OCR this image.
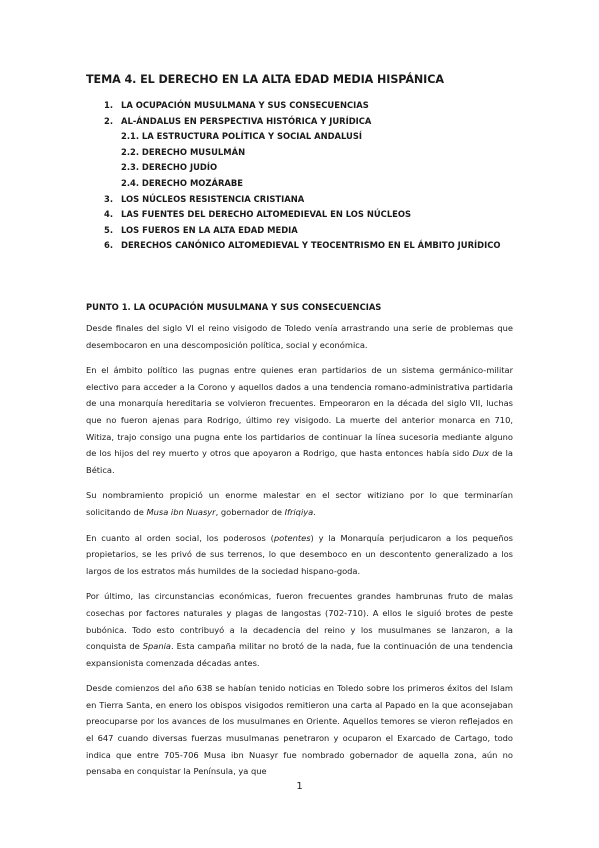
TEMA 4. EL DERECHO EN LA ALTA EDAD MEDIA HISPÁNICA
1. LA OCUPACIÓN MUSULMANA Y SUS CONSECUENCIAS
2. AL-ÁNDALUS EN PERSPECTIVA HISTÓRICA Y JURÍDICA
2.1. LA ESTRUCTURA POLÍTICA Y SOCIAL ANDALUSÍ
2.2. DERECHO MUSULMÁN
2.3. DERECHO JUDÍO
2.4. DERECHO MOZÁRABE
3. LOS NÚCLEOS RESISTENCIA CRISTIANA
4. LAS FUENTES DEL DERECHO ALTOMEDIEVAL EN LOS NÚCLEOS
5. LOS FUEROS EN LA ALTA EDAD MEDIA
6. DERECHOS CANÓNICO ALTOMEDIEVAL Y TEOCENTRISMO EN EL ÁMBITO JURÍDICO
PUNTO 1. LA OCUPACIÓN MUSULMANA Y SUS CONSECUENCIAS

Desde finales del siglo VI el reino visigodo de Toledo venía arrastrando una serie de problemas que desembocaron en una descomposición política, social y económica.

En el ámbito político las pugnas entre quienes eran partidarios de un sistema germánico-militar electivo para acceder a la Corono y aquellos dados a una tendencia romano-administrativa partidaria de una monarquía hereditaria se volvieron frecuentes. Empeoraron en la década del siglo VII, luchas que no fueron ajenas para Rodrigo, último rey visigodo. La muerte del anterior monarca en 710, Witiza, trajo consigo una pugna ente los partidarios de continuar la línea sucesoria mediante alguno de los hijos del rey muerto y otros que apoyaron a Rodrigo, que hasta entonces había sido Dux de la Bética.

Su nombramiento propició un enorme malestar en el sector witiziano por lo que terminarían solicitando de Musa ibn Nuasyr, gobernador de Ifriqiya.

En cuanto al orden social, los poderosos (potentes) y la Monarquía perjudicaron a los pequeños propietarios, se les privó de sus terrenos, lo que desemboco en un descontento generalizado a los largos de los estratos más humildes de la sociedad hispano-goda.

Por último, las circunstancias económicas, fueron frecuentes grandes hambrunas fruto de malas cosechas por factores naturales y plagas de langostas (702-710). A ellos le siguió brotes de peste bubónica. Todo esto contribuyó a la decadencia del reino y los musulmanes se lanzaron, a la conquista de Spania. Esta campaña militar no brotó de la nada, fue la continuación de una tendencia expansionista comenzada décadas antes.

Desde comienzos del año 638 se habían tenido noticias en Toledo sobre los primeros éxitos del Islam en Tierra Santa, en enero los obispos visigodos remitieron una carta al Papado en la que aconsejaban preocuparse por los avances de los musulmanes en Oriente. Aquellos temores se vieron reflejados en el 647 cuando diversas fuerzas musulmanas penetraron y ocuparon el Exarcado de Cartago, todo indica que entre 705-706 Musa ibn Nuasyr fue nombrado gobernador de aquella zona, aún no pensaba en conquistar la Península, ya que

1
